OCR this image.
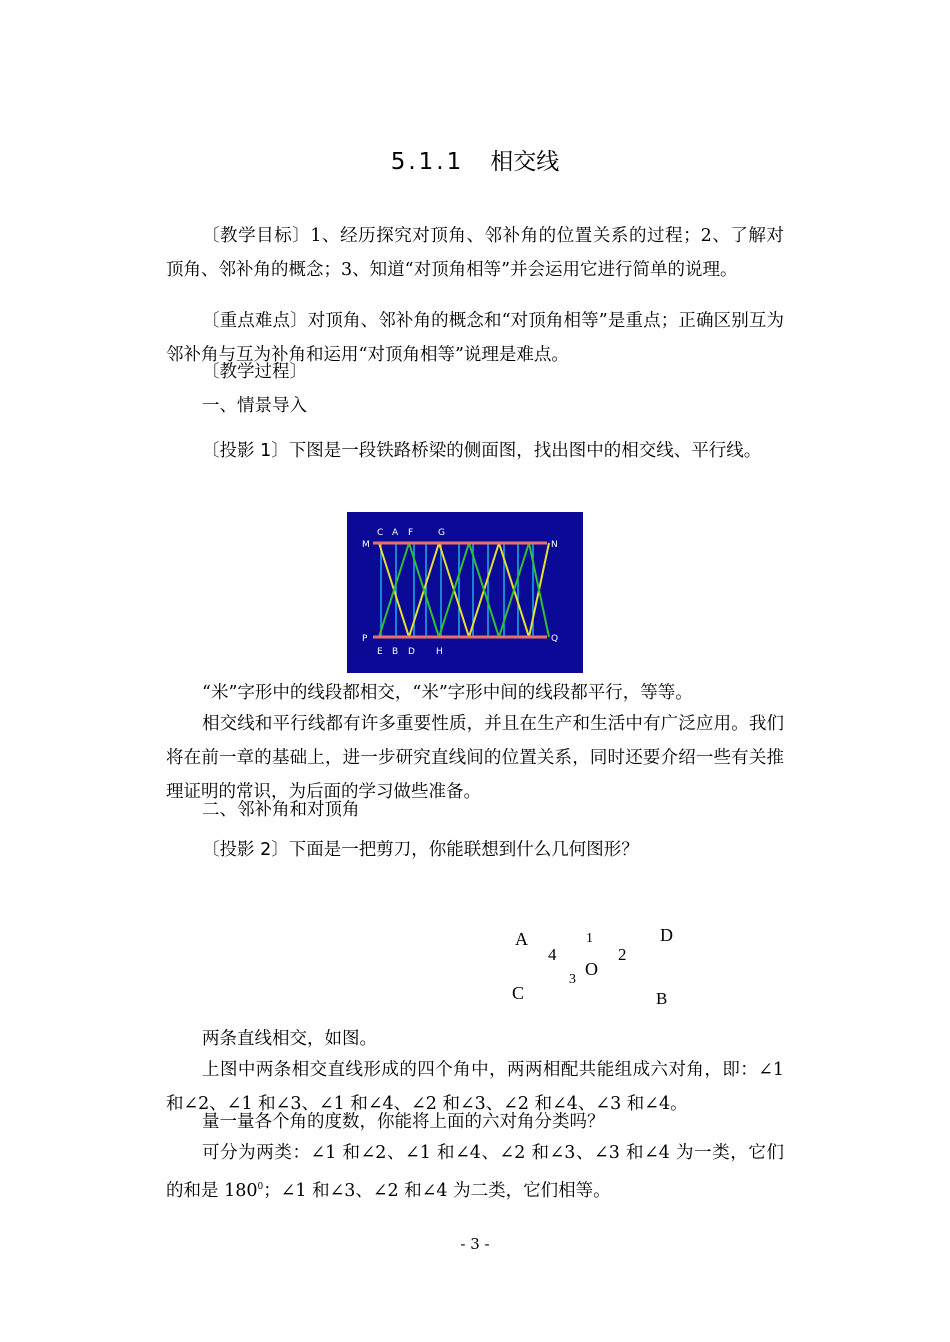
5.1.1 相交线

〔教学目标〕1、经历探究对顶角、邻补角的位置关系的过程；2、了解对顶角、邻补角的概念；3、知道“对顶角相等”并会运用它进行简单的说理。

〔重点难点〕对顶角、邻补角的概念和“对顶角相等”是重点；正确区别互为邻补角与互为补角和运用“对顶角相等”说理是难点。

〔教学过程〕

一、情景导入

〔投影 1〕下图是一段铁路桥梁的侧面图，找出图中的相交线、平行线。

M
C A F	G
N
P
E B D H
Q

“米”字形中的线段都相交，“米”字形中间的线段都平行，等等。

相交线和平行线都有许多重要性质，并且在生产和生活中有广泛应用。我们将在前一章的基础上，进一步研究直线间的位置关系，同时还要介绍一些有关推理证明的常识，为后面的学习做些准备。

二、邻补角和对顶角

〔投影 2〕下面是一把剪刀，你能联想到什么几何图形？

A
4
1	D
2
O
3
C	B

两条直线相交，如图。

上图中两条相交直线形成的四个角中，两两相配共能组成六对角，即：∠1 和∠2、∠1 和∠3、∠1 和∠4、∠2 和∠3、∠2 和∠4、∠3 和∠4。

量一量各个角的度数，你能将上面的六对角分类吗？

可分为两类：∠1 和∠2、∠1 和∠4、∠2 和∠3、∠3 和∠4 为一类，它们的和是 $180^0$；∠1 和∠3、∠2 和∠4 为二类，它们相等。

- 3 -
